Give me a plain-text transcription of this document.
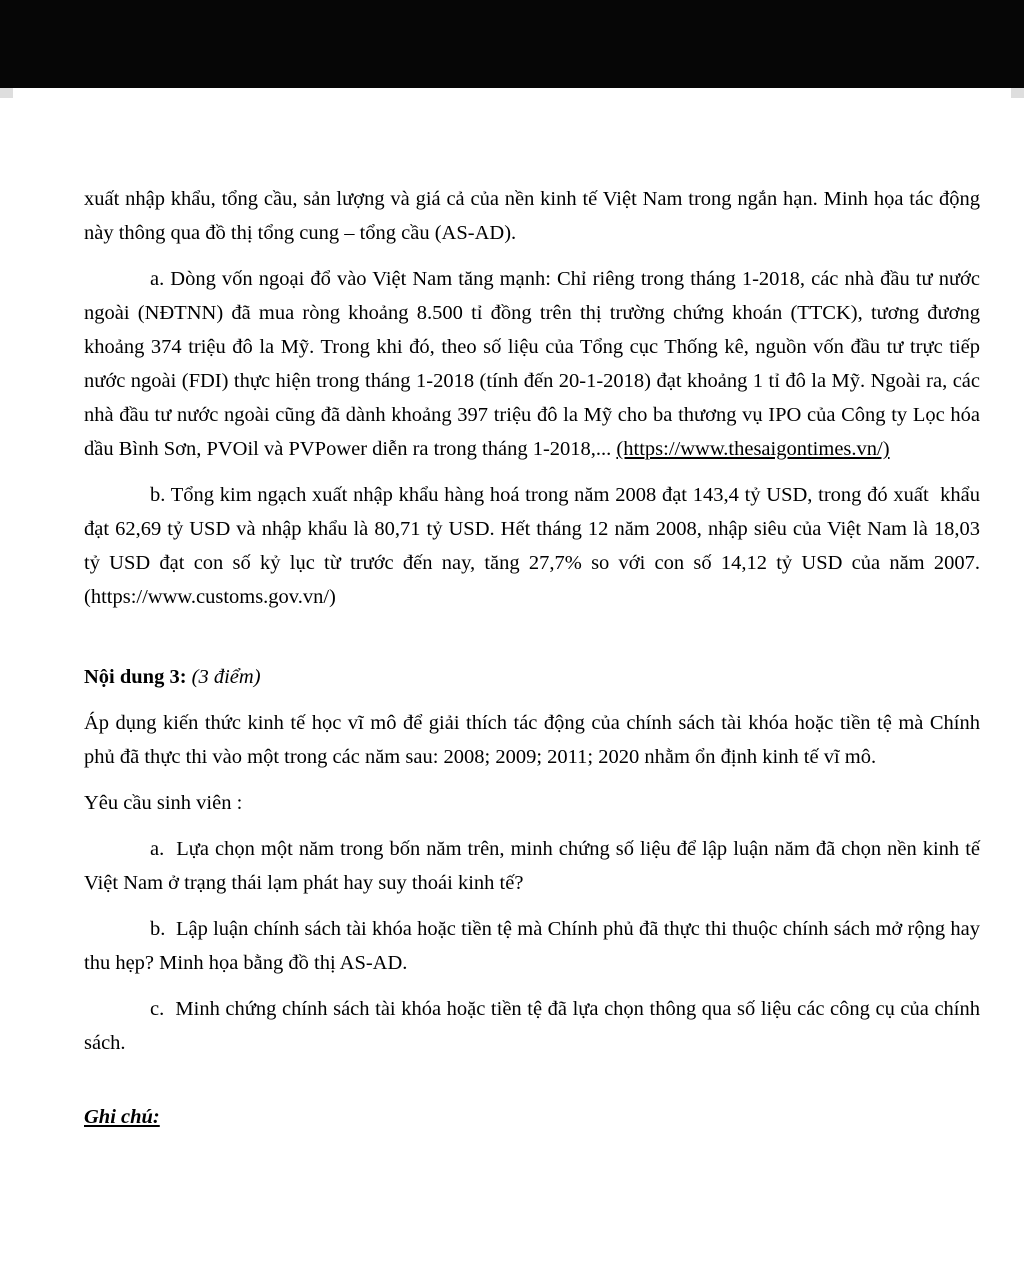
xuất nhập khẩu, tổng cầu, sản lượng và giá cả của nền kinh tế Việt Nam trong ngắn hạn. Minh họa tác động này thông qua đồ thị tổng cung – tổng cầu (AS-AD).

a. Dòng vốn ngoại đổ vào Việt Nam tăng mạnh: Chỉ riêng trong tháng 1-2018, các nhà đầu tư nước ngoài (NĐTNN) đã mua ròng khoảng 8.500 tỉ đồng trên thị trường chứng khoán (TTCK), tương đương khoảng 374 triệu đô la Mỹ. Trong khi đó, theo số liệu của Tổng cục Thống kê, nguồn vốn đầu tư trực tiếp nước ngoài (FDI) thực hiện trong tháng 1-2018 (tính đến 20-1-2018) đạt khoảng 1 tỉ đô la Mỹ. Ngoài ra, các nhà đầu tư nước ngoài cũng đã dành khoảng 397 triệu đô la Mỹ cho ba thương vụ IPO của Công ty Lọc hóa dầu Bình Sơn, PVOil và PVPower diễn ra trong tháng 1-2018,... (https://www.thesaigontimes.vn/)

b. Tổng kim ngạch xuất nhập khẩu hàng hoá trong năm 2008 đạt 143,4 tỷ USD, trong đó xuất  khẩu đạt 62,69 tỷ USD và nhập khẩu là 80,71 tỷ USD. Hết tháng 12 năm 2008, nhập siêu của Việt Nam là 18,03 tỷ USD đạt con số kỷ lục từ trước đến nay, tăng 27,7% so với con số 14,12 tỷ USD của năm 2007. (https://www.customs.gov.vn/)

Nội dung 3: (3 điểm)

Áp dụng kiến thức kinh tế học vĩ mô để giải thích tác động của chính sách tài khóa hoặc tiền tệ mà Chính phủ đã thực thi vào một trong các năm sau: 2008; 2009; 2011; 2020 nhằm ổn định kinh tế vĩ mô.

Yêu cầu sinh viên :

a.  Lựa chọn một năm trong bốn năm trên, minh chứng số liệu để lập luận năm đã chọn nền kinh tế Việt Nam ở trạng thái lạm phát hay suy thoái kinh tế?

b.  Lập luận chính sách tài khóa hoặc tiền tệ mà Chính phủ đã thực thi thuộc chính sách mở rộng hay thu hẹp? Minh họa bằng đồ thị AS-AD.

c.  Minh chứng chính sách tài khóa hoặc tiền tệ đã lựa chọn thông qua số liệu các công cụ của chính sách.

Ghi chú:
